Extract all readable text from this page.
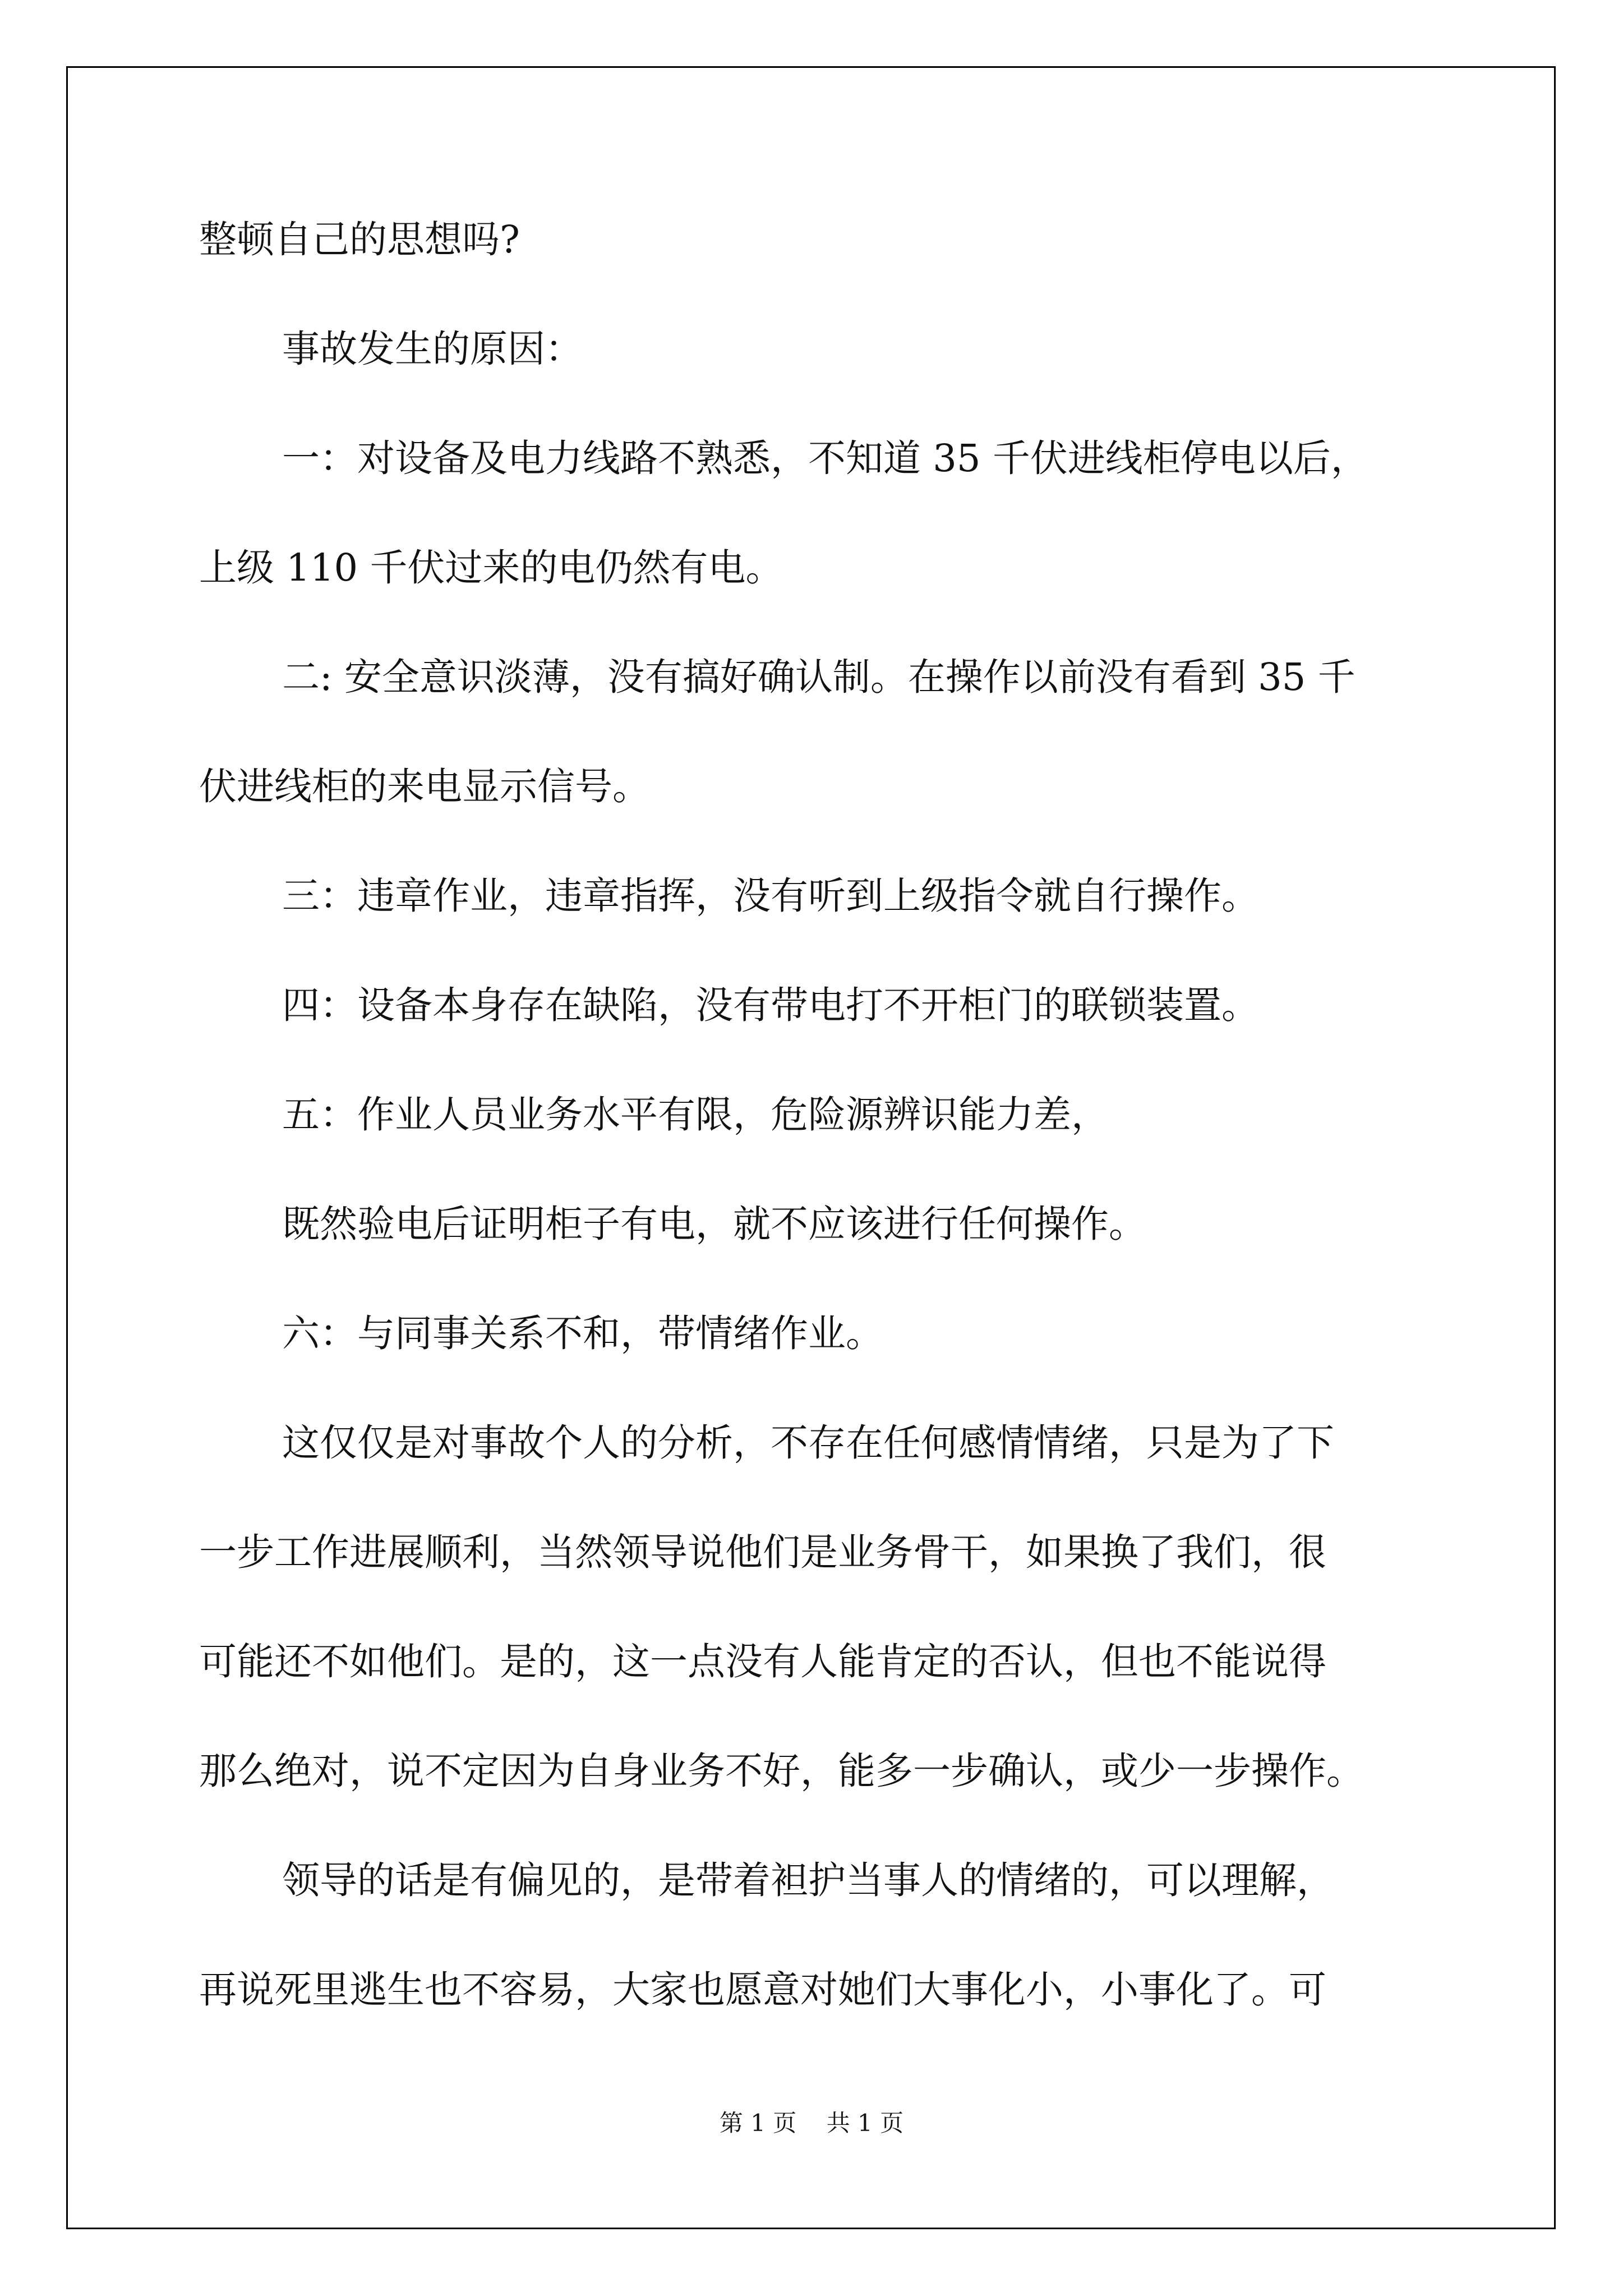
整顿自己的思想吗?

事故发生的原因：

一：对设备及电力线路不熟悉，不知道 35 千伏进线柜停电以后，

上级 110 千伏过来的电仍然有电。

二: 安全意识淡薄，没有搞好确认制。在操作以前没有看到 35 千

伏进线柜的来电显示信号。

三：违章作业，违章指挥，没有听到上级指令就自行操作。

四：设备本身存在缺陷，没有带电打不开柜门的联锁装置。

五：作业人员业务水平有限，危险源辨识能力差，

既然验电后证明柜子有电，就不应该进行任何操作。

六：与同事关系不和，带情绪作业。

这仅仅是对事故个人的分析，不存在任何感情情绪，只是为了下

一步工作进展顺利，当然领导说他们是业务骨干，如果换了我们，很

可能还不如他们。是的，这一点没有人能肯定的否认，但也不能说得

那么绝对，说不定因为自身业务不好，能多一步确认，或少一步操作。

领导的话是有偏见的，是带着袒护当事人的情绪的，可以理解，

再说死里逃生也不容易，大家也愿意对她们大事化小，小事化了。可

第 1 页    共 1 页
